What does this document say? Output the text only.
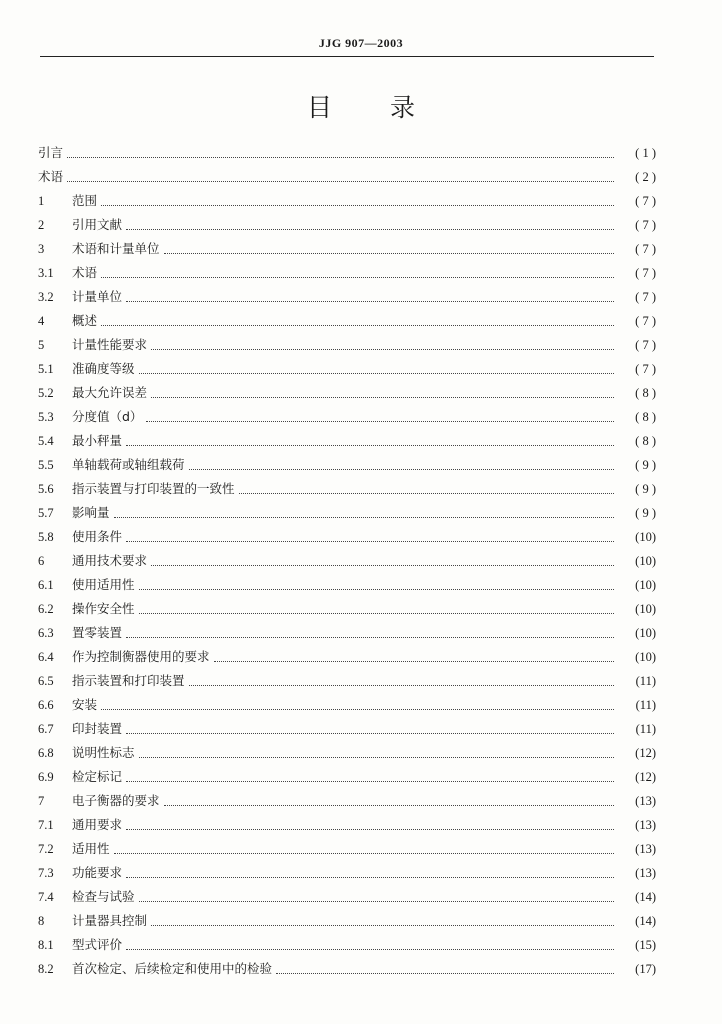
JJG 907—2003
目录
引言	( 1 )
术语	( 2 )
1	范围	( 7 )
2	引用文献	( 7 )
3	术语和计量单位	( 7 )
3.1	术语	( 7 )
3.2	计量单位	( 7 )
4	概述	( 7 )
5	计量性能要求	( 7 )
5.1	准确度等级	( 7 )
5.2	最大允许误差	( 8 )
5.3	分度值（d）	( 8 )
5.4	最小秤量	( 8 )
5.5	单轴载荷或轴组载荷	( 9 )
5.6	指示装置与打印装置的一致性	( 9 )
5.7	影响量	( 9 )
5.8	使用条件	(10)
6	通用技术要求	(10)
6.1	使用适用性	(10)
6.2	操作安全性	(10)
6.3	置零装置	(10)
6.4	作为控制衡器使用的要求	(10)
6.5	指示装置和打印装置	(11)
6.6	安装	(11)
6.7	印封装置	(11)
6.8	说明性标志	(12)
6.9	检定标记	(12)
7	电子衡器的要求	(13)
7.1	通用要求	(13)
7.2	适用性	(13)
7.3	功能要求	(13)
7.4	检查与试验	(14)
8	计量器具控制	(14)
8.1	型式评价	(15)
8.2	首次检定、后续检定和使用中的检验	(17)
